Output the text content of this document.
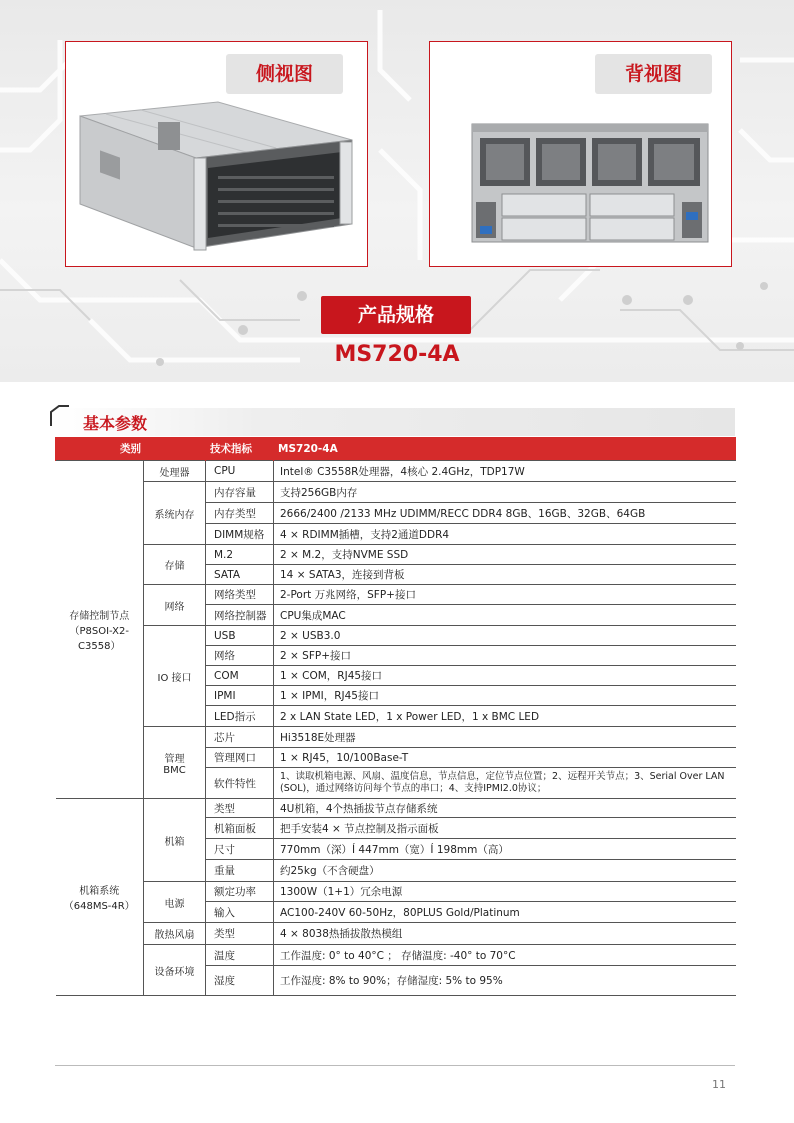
侧视图	背视图
产品规格
MS720-4A
基本参数
类别		技术指标	MS720-4A
存储控制节点
（P8SOI-X2-
C3558）	处理器	CPU	Intel® C3558R处理器，4核心 2.4GHz，TDP17W
	系统内存	内存容量	支持256GB内存
		内存类型	2666/2400 /2133 MHz UDIMM/RECC DDR4 8GB、16GB、32GB、64GB
		DIMM规格	4 × RDIMM插槽，支持2通道DDR4
	存储	M.2	2 × M.2，支持NVME SSD
		SATA	14 × SATA3，连接到背板
	网络	网络类型	2-Port 万兆网络，SFP+接口
		网络控制器	CPU集成MAC
	IO 接口	USB	2 × USB3.0
		网络	2 × SFP+接口
		COM	1 × COM，RJ45接口
		IPMI	1 × IPMI，RJ45接口
		LED指示	2 x LAN State LED，1 x Power LED，1 x BMC LED
	管理
BMC	芯片	Hi3518E处理器
		管理网口	1 × RJ45，10/100Base-T
		软件特性	1、读取机箱电源、风扇、温度信息，节点信息，定位节点位置；2、远程开关节点；3、Serial Over LAN (SOL)，通过网络访问每个节点的串口；4、支持IPMI2.0协议；
机箱系统
（648MS-4R）	机箱	类型	4U机箱，4个热插拔节点存储系统
		机箱面板	把手安装4 × 节点控制及指示面板
		尺寸	770mm（深）Í 447mm（宽）Í 198mm（高）
		重量	约25kg（不含硬盘）
	电源	额定功率	1300W（1+1）冗余电源
		输入	AC100-240V 60-50Hz，80PLUS Gold/Platinum
	散热风扇	类型	4 × 8038热插拔散热模组
	设备环境	温度	工作温度: 0° to 40°C ； 存储温度: -40° to 70°C
		湿度	工作湿度: 8% to 90%；存储湿度: 5% to 95%
11
